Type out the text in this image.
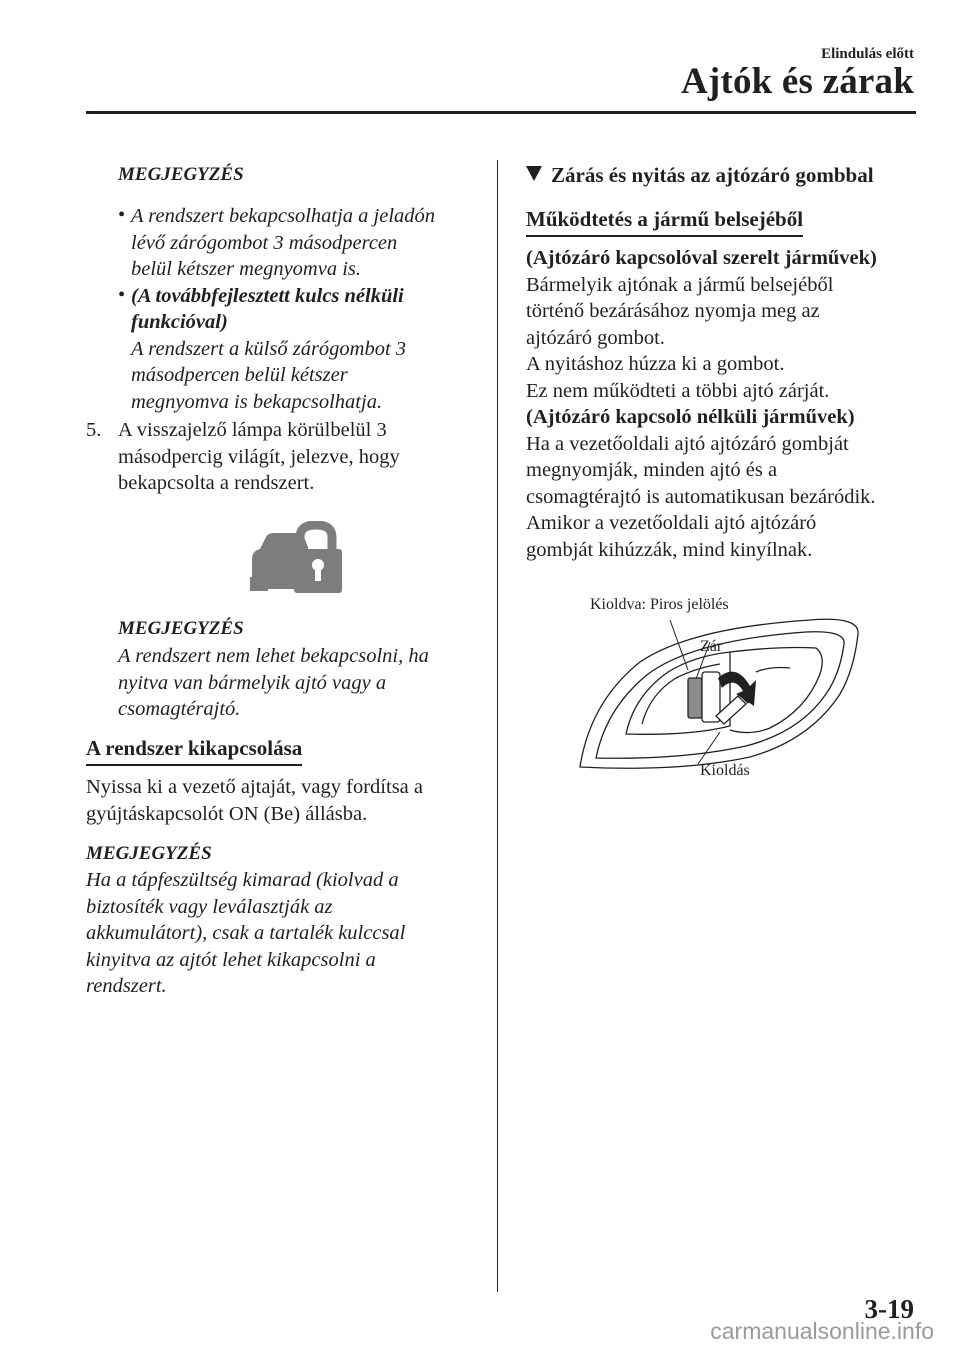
Elindulás előtt
Ajtók és zárak
MEGJEGYZÉS
• A rendszert bekapcsolhatja a jeladón
lévő zárógombot 3 másodpercen
belül kétszer megnyomva is.
• (A továbbfejlesztett kulcs nélküli
funkcióval)
A rendszert a külső zárógombot 3
másodpercen belül kétszer
megnyomva is bekapcsolhatja.
5. A visszajelző lámpa körülbelül 3
másodpercig világít, jelezve, hogy
bekapcsolta a rendszert.
MEGJEGYZÉS
A rendszert nem lehet bekapcsolni, ha
nyitva van bármelyik ajtó vagy a
csomagtérajtó.
A rendszer kikapcsolása
Nyissa ki a vezető ajtaját, vagy fordítsa a
gyújtáskapcsolót ON (Be) állásba.
MEGJEGYZÉS
Ha a tápfeszültség kimarad (kiolvad a
biztosíték vagy leválasztják az
akkumulátort), csak a tartalék kulccsal
kinyitva az ajtót lehet kikapcsolni a
rendszert.
Zárás és nyitás az ajtózáró gombbal
Működtetés a jármű belsejéből
(Ajtózáró kapcsolóval szerelt járművek)
Bármelyik ajtónak a jármű belsejéből
történő bezárásához nyomja meg az
ajtózáró gombot.
A nyitáshoz húzza ki a gombot.
Ez nem működteti a többi ajtó zárját.
(Ajtózáró kapcsoló nélküli járművek)
Ha a vezetőoldali ajtó ajtózáró gombját
megnyomják, minden ajtó és a
csomagtérajtó is automatikusan bezáródik.
Amikor a vezetőoldali ajtó ajtózáró
gombját kihúzzák, mind kinyílnak.
Kioldva: Piros jelölés
Zár
Kioldás
3-19
carmanualsonline.info
